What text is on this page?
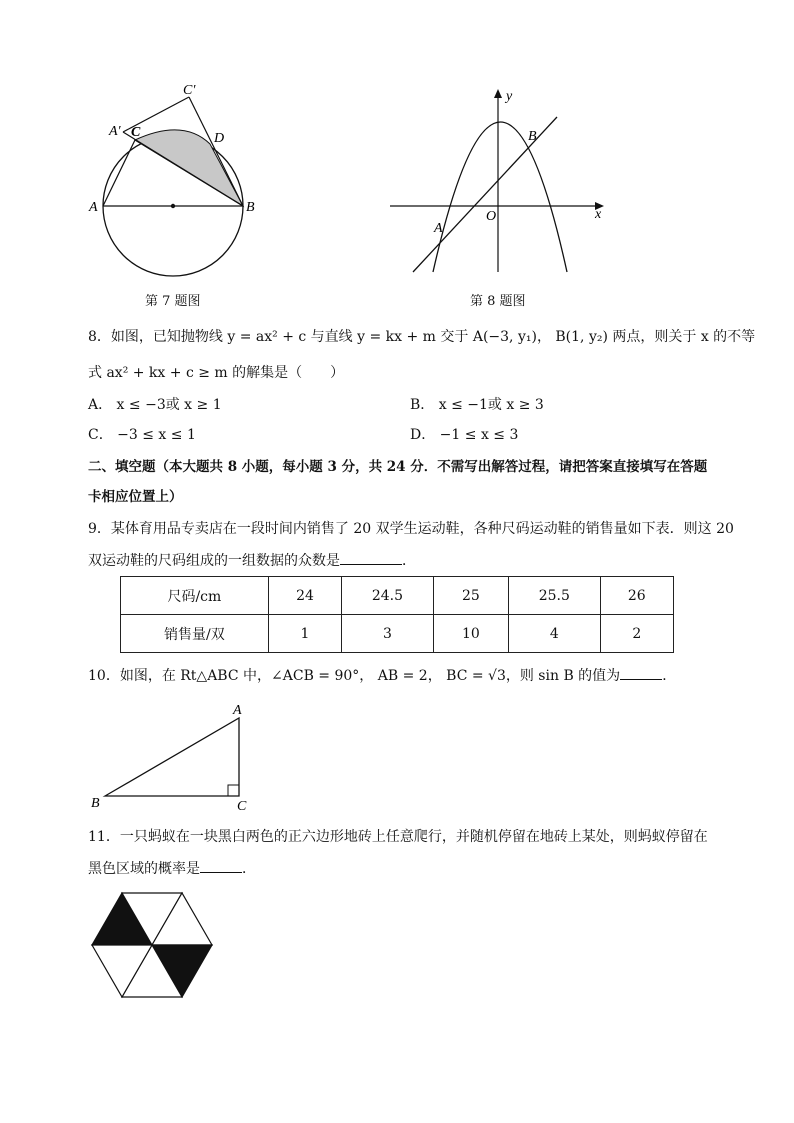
C′
A′ C	D
A	B
第 7 题图
y
x
O
A
B
第 8 题图
8．如图，已知抛物线 y = ax² + c 与直线 y = kx + m 交于 A(−3, y₁)， B(1, y₂) 两点，则关于 x 的不等
式 ax² + kx + c ≥ m 的解集是（　　）
A． x ≤ −3或 x ≥ 1	B． x ≤ −1或 x ≥ 3
C． −3 ≤ x ≤ 1	D． −1 ≤ x ≤ 3
二、填空题（本大题共 8 小题，每小题 3 分，共 24 分．不需写出解答过程，请把答案直接填写在答题
卡相应位置上）
9．某体育用品专卖店在一段时间内销售了 20 双学生运动鞋，各种尺码运动鞋的销售量如下表．则这 20
双运动鞋的尺码组成的一组数据的众数是	．
尺码/cm	24	24.5	25	25.5	26
销售量/双	1	3	10	4	2
10．如图，在 Rt△ABC 中，∠ACB = 90°， AB = 2， BC = √3，则 sin B 的值为	．
A
B	C
11．一只蚂蚁在一块黑白两色的正六边形地砖上任意爬行，并随机停留在地砖上某处，则蚂蚁停留在
黑色区域的概率是	．
